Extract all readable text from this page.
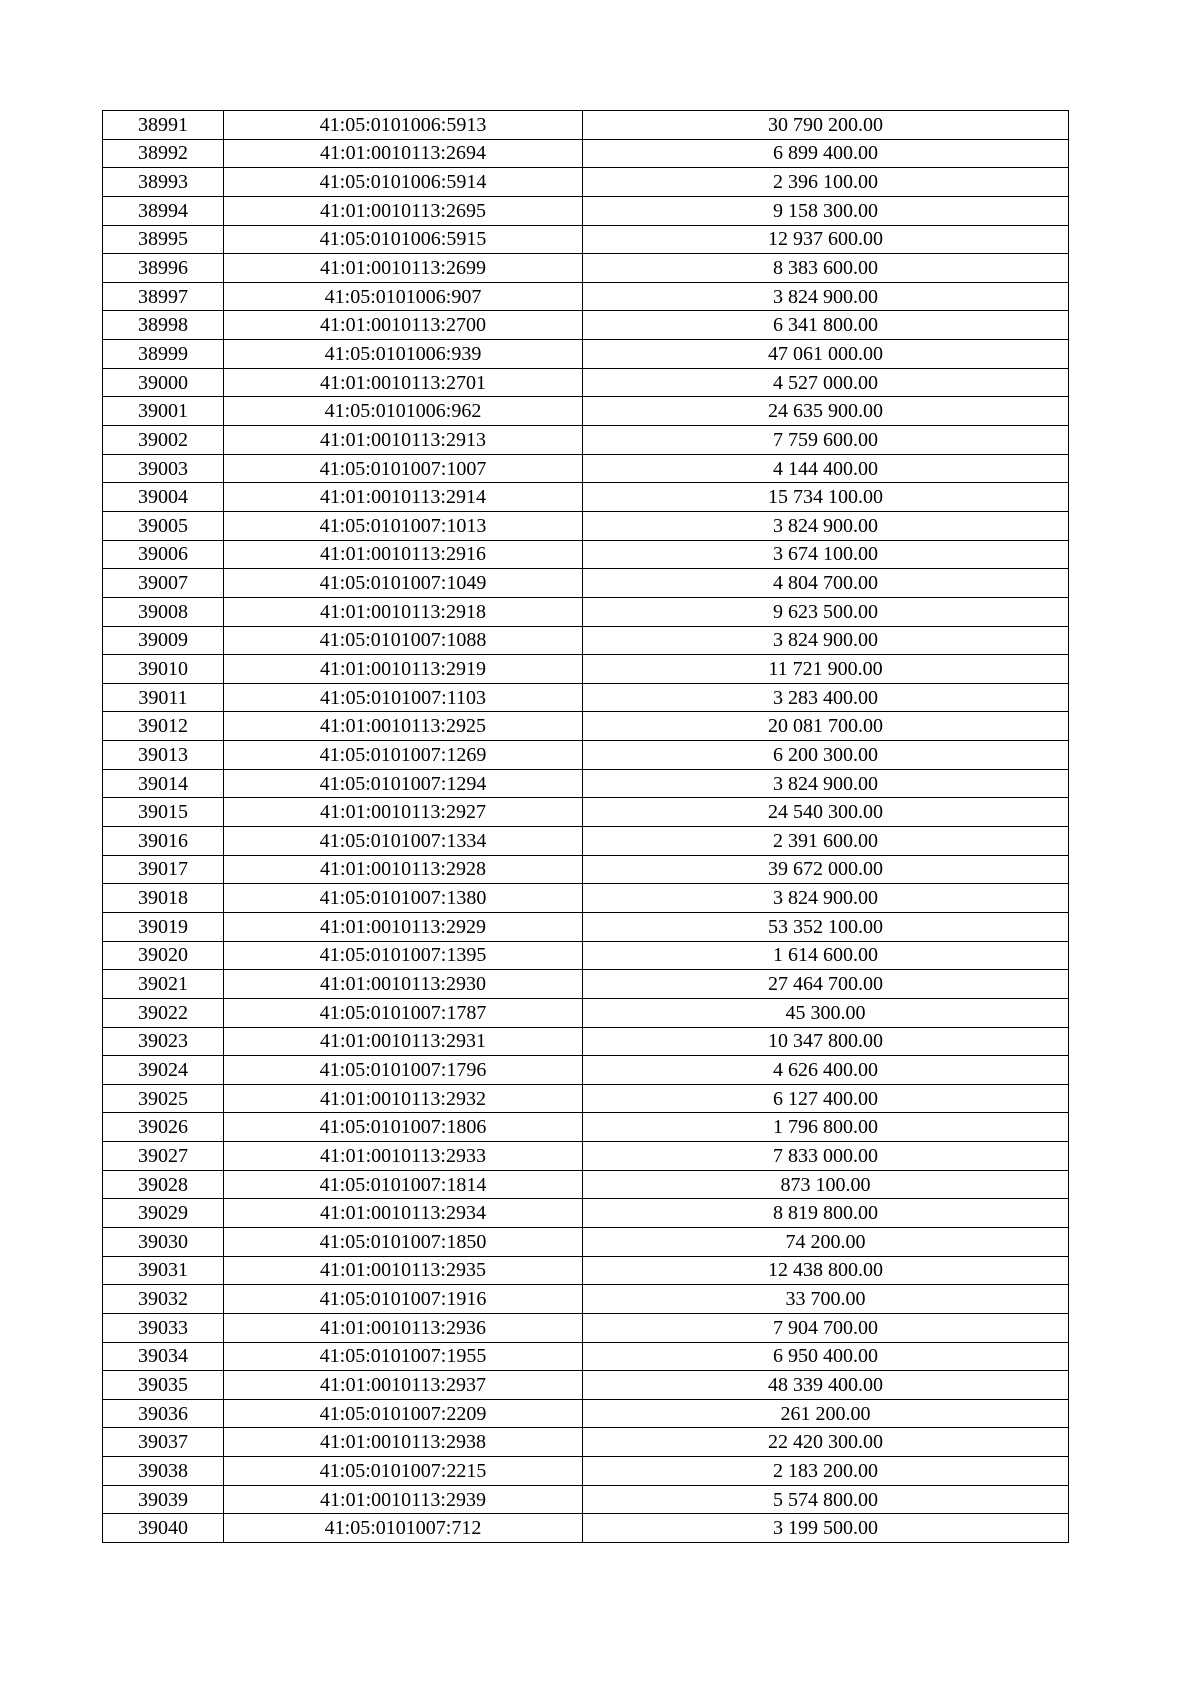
38991	41:05:0101006:5913	30 790 200.00
38992	41:01:0010113:2694	6 899 400.00
38993	41:05:0101006:5914	2 396 100.00
38994	41:01:0010113:2695	9 158 300.00
38995	41:05:0101006:5915	12 937 600.00
38996	41:01:0010113:2699	8 383 600.00
38997	41:05:0101006:907	3 824 900.00
38998	41:01:0010113:2700	6 341 800.00
38999	41:05:0101006:939	47 061 000.00
39000	41:01:0010113:2701	4 527 000.00
39001	41:05:0101006:962	24 635 900.00
39002	41:01:0010113:2913	7 759 600.00
39003	41:05:0101007:1007	4 144 400.00
39004	41:01:0010113:2914	15 734 100.00
39005	41:05:0101007:1013	3 824 900.00
39006	41:01:0010113:2916	3 674 100.00
39007	41:05:0101007:1049	4 804 700.00
39008	41:01:0010113:2918	9 623 500.00
39009	41:05:0101007:1088	3 824 900.00
39010	41:01:0010113:2919	11 721 900.00
39011	41:05:0101007:1103	3 283 400.00
39012	41:01:0010113:2925	20 081 700.00
39013	41:05:0101007:1269	6 200 300.00
39014	41:05:0101007:1294	3 824 900.00
39015	41:01:0010113:2927	24 540 300.00
39016	41:05:0101007:1334	2 391 600.00
39017	41:01:0010113:2928	39 672 000.00
39018	41:05:0101007:1380	3 824 900.00
39019	41:01:0010113:2929	53 352 100.00
39020	41:05:0101007:1395	1 614 600.00
39021	41:01:0010113:2930	27 464 700.00
39022	41:05:0101007:1787	45 300.00
39023	41:01:0010113:2931	10 347 800.00
39024	41:05:0101007:1796	4 626 400.00
39025	41:01:0010113:2932	6 127 400.00
39026	41:05:0101007:1806	1 796 800.00
39027	41:01:0010113:2933	7 833 000.00
39028	41:05:0101007:1814	873 100.00
39029	41:01:0010113:2934	8 819 800.00
39030	41:05:0101007:1850	74 200.00
39031	41:01:0010113:2935	12 438 800.00
39032	41:05:0101007:1916	33 700.00
39033	41:01:0010113:2936	7 904 700.00
39034	41:05:0101007:1955	6 950 400.00
39035	41:01:0010113:2937	48 339 400.00
39036	41:05:0101007:2209	261 200.00
39037	41:01:0010113:2938	22 420 300.00
39038	41:05:0101007:2215	2 183 200.00
39039	41:01:0010113:2939	5 574 800.00
39040	41:05:0101007:712	3 199 500.00
